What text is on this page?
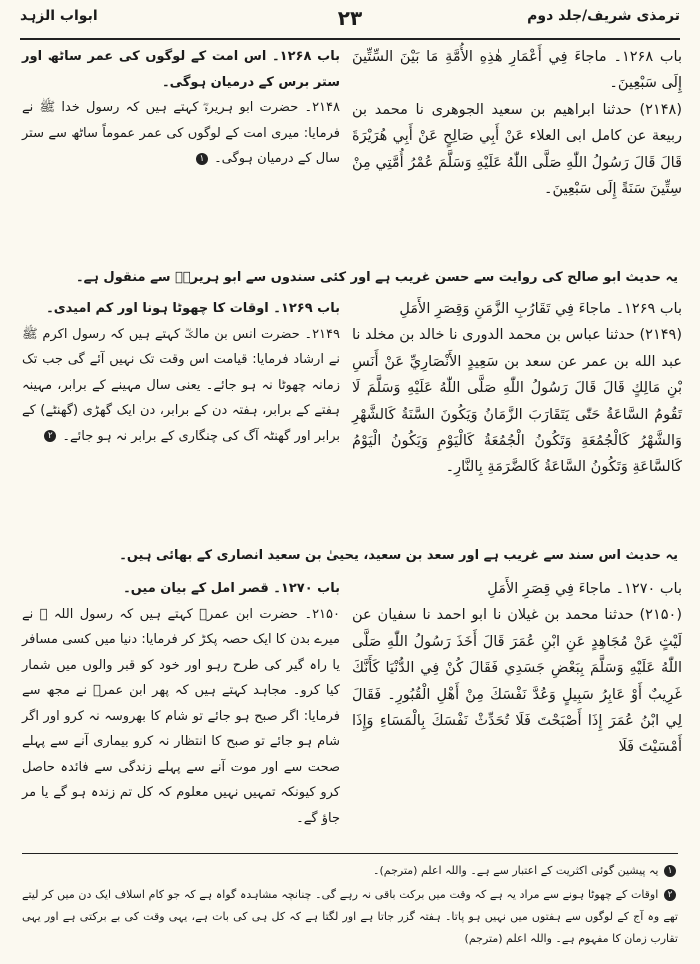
ابواب الزہد	۲۳	ترمذی شریف/جلد دوم
باب ۱۲۶۸۔ ماجاءَ فِي أَعْمَارِ هٰذِهِ الأُمَّةِ مَا بَيْنَ السِّتِّينَ إِلَى سَبْعِينَ۔
(۲۱۴۸) حدثنا ابراهيم بن سعيد الجوهری نا محمد بن ربيعة عن كامل ابی العلاء عَنْ أَبِي صَالِحٍ عَنْ أَبِي هُرَيْرَةَ قَالَ قَالَ رَسُولُ اللّٰهِ صَلَّى اللّٰهُ عَلَيْهِ وَسَلَّمَ عُمْرُ أُمَّتِي مِنْ سِتِّينَ سَنَةً إِلَى سَبْعِينَ۔
باب ۱۲۶۸۔ اس امت کے لوگوں کی عمر ساٹھ اور ستر برس کے درمیان ہوگی۔
۲۱۴۸۔ حضرت ابو ہریرہؓ کہتے ہیں کہ رسول خدا ﷺ نے فرمایا: میری امت کے لوگوں کی عمر عموماً ساٹھ سے ستر سال کے درمیان ہوگی۔ ۱
یہ حدیث ابو صالح کی روایت سے حسن غریب ہے اور کئی سندوں سے ابو ہریرہؓ سے منقول ہے۔
باب ۱۲۶۹۔ ماجاءَ فِي تَقَارُبِ الزَّمَنِ وَقِصَرِ الأَمَلِ
(۲۱۴۹) حدثنا عباس بن محمد الدوری نا خالد بن مخلد نا عبد الله بن عمر عن سعد بن سَعِيدٍ الأَنْصَارِيِّ عَنْ أَنَسِ بْنِ مَالِكٍ قَالَ قَالَ رَسُولُ اللّٰهِ صَلَّى اللّٰهُ عَلَيْهِ وَسَلَّمَ لَا تَقُومُ السَّاعَةُ حَتّٰى يَتَقَارَبَ الزَّمَانُ وَيَكُونَ السَّنَةُ كَالشَّهْرِ وَالشَّهْرُ كَالْجُمُعَةِ وَتَكُونُ الْجُمُعَةُ كَالْيَوْمِ وَيَكُونُ الْيَوْمُ كَالسَّاعَةِ وَتَكُونُ السَّاعَةُ كَالضَّرَمَةِ بِالنَّارِ۔
باب ۱۲۶۹۔ اوقات کا چھوٹا ہونا اور کم امیدی۔
۲۱۴۹۔ حضرت انس بن مالکؓ کہتے ہیں کہ رسول اکرم ﷺ نے ارشاد فرمایا: قیامت اس وقت تک نہیں آئے گی جب تک زمانہ چھوٹا نہ ہو جائے۔ یعنی سال مہینے کے برابر، مہینہ ہفتے کے برابر، ہفتہ دن کے برابر، دن ایک گھڑی (گھنٹے) کے برابر اور گھنٹہ آگ کی چنگاری کے برابر نہ ہو جائے۔ ۲
یہ حدیث اس سند سے غریب ہے اور سعد بن سعید، یحییٰ بن سعید انصاری کے بھائی ہیں۔
باب ۱۲۷۰۔ ماجاءَ فِي قِصَرِ الأَمَلِ
(۲۱۵۰) حدثنا محمد بن غيلان نا ابو احمد نا سفيان عن لَيْثٍ عَنْ مُجَاهِدٍ عَنِ ابْنِ عُمَرَ قَالَ أَخَذَ رَسُولُ اللّٰهِ صَلَّى اللّٰهُ عَلَيْهِ وَسَلَّمَ بِبَعْضِ جَسَدِي فَقَالَ كُنْ فِي الدُّنْيَا كَأَنَّكَ غَرِيبٌ أَوْ عَابِرُ سَبِيلٍ وَعُدَّ نَفْسَكَ مِنْ أَهْلِ الْقُبُورِ۔ فَقَالَ لِي ابْنُ عُمَرَ إِذَا أَصْبَحْتَ فَلَا تُحَدِّثْ نَفْسَكَ بِالْمَسَاءِ وَإِذَا أَمْسَيْتَ فَلَا
باب ۱۲۷۰۔ قصر امل کے بیان میں۔
۲۱۵۰۔ حضرت ابن عمرؓ کہتے ہیں کہ رسول اللہ ﷺ نے میرے بدن کا ایک حصہ پکڑ کر فرمایا: دنیا میں کسی مسافر یا راہ گیر کی طرح رہو اور خود کو قبر والوں میں شمار کیا کرو۔ مجاہد کہتے ہیں کہ پھر ابن عمرؓ نے مجھ سے فرمایا: اگر صبح ہو جائے تو شام کا بھروسہ نہ کرو اور اگر شام ہو جائے تو صبح کا انتظار نہ کرو بیماری آنے سے پہلے صحت سے اور موت آنے سے پہلے زندگی سے فائدہ حاصل کرو کیونکہ تمہیں نہیں معلوم کہ کل تم زندہ ہو گے یا مر جاؤ گے۔
۱ یہ پیشین گوئی اکثریت کے اعتبار سے ہے۔ واللہ اعلم (مترجم)۔
۲ اوقات کے چھوٹا ہونے سے مراد یہ ہے کہ وقت میں برکت باقی نہ رہے گی۔ چنانچہ مشاہدہ گواہ ہے کہ جو کام اسلاف ایک دن میں کر لیتے تھے وہ آج کے لوگوں سے ہفتوں میں نہیں ہو پاتا۔ ہفتہ گزر جاتا ہے اور لگتا ہے کہ کل ہی کی بات ہے، یہی وقت کی بے برکتی ہے اور یہی تقارب زمان کا مفہوم ہے۔ واللہ اعلم (مترجم)
